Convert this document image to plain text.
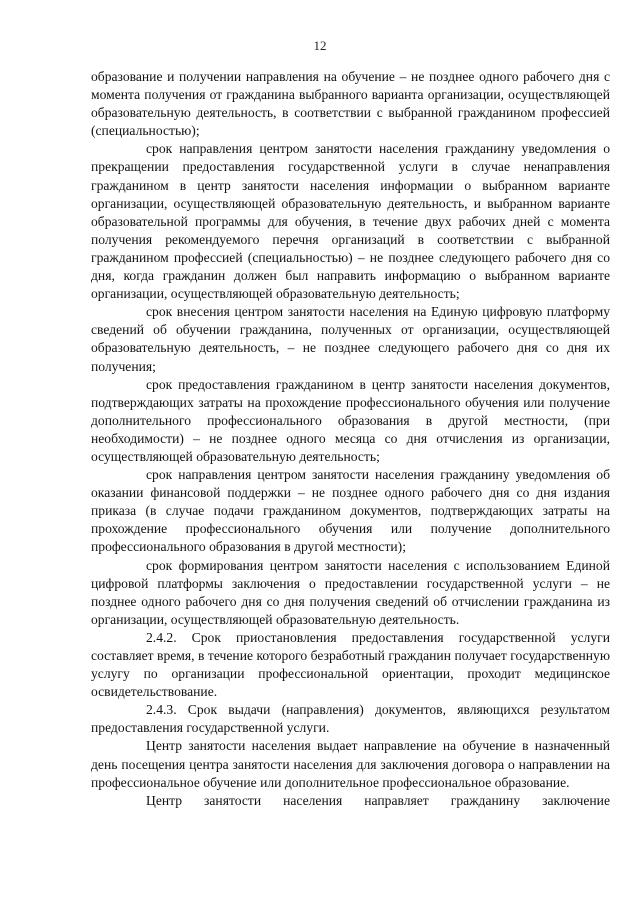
12

образование и получении направления на обучение – не позднее одного рабочего дня с момента получения от гражданина выбранного варианта организации, осуществляющей образовательную деятельность, в соответствии с выбранной гражданином профессией (специальностью);

срок направления центром занятости населения гражданину уведомления о прекращении предоставления государственной услуги в случае ненаправления гражданином в центр занятости населения информации о выбранном варианте организации, осуществляющей образовательную деятельность, и выбранном варианте образовательной программы для обучения, в течение двух рабочих дней с момента получения рекомендуемого перечня организаций в соответствии с выбранной гражданином профессией (специальностью) – не позднее следующего рабочего дня со дня, когда гражданин должен был направить информацию о выбранном варианте организации, осуществляющей образовательную деятельность;

срок внесения центром занятости населения на Единую цифровую платформу сведений об обучении гражданина, полученных от организации, осуществляющей образовательную деятельность, – не позднее следующего рабочего дня со дня их получения;

срок предоставления гражданином в центр занятости населения документов, подтверждающих затраты на прохождение профессионального обучения или получение дополнительного профессионального образования в другой местности, (при необходимости) – не позднее одного месяца со дня отчисления из организации, осуществляющей образовательную деятельность;

срок направления центром занятости населения гражданину уведомления об оказании финансовой поддержки – не позднее одного рабочего дня со дня издания приказа (в случае подачи гражданином документов, подтверждающих затраты на прохождение профессионального обучения или получение дополнительного профессионального образования в другой местности);

срок формирования центром занятости населения с использованием Единой цифровой платформы заключения о предоставлении государственной услуги – не позднее одного рабочего дня со дня получения сведений об отчислении гражданина из организации, осуществляющей образовательную деятельность.

2.4.2. Срок приостановления предоставления государственной услуги составляет время, в течение которого безработный гражданин получает государственную услугу по организации профессиональной ориентации, проходит медицинское освидетельствование.

2.4.3. Срок выдачи (направления) документов, являющихся результатом предоставления государственной услуги.

Центр занятости населения выдает направление на обучение в назначенный день посещения центра занятости населения для заключения договора о направлении на профессиональное обучение или дополнительное профессиональное образование.

Центр занятости населения направляет гражданину заключение
